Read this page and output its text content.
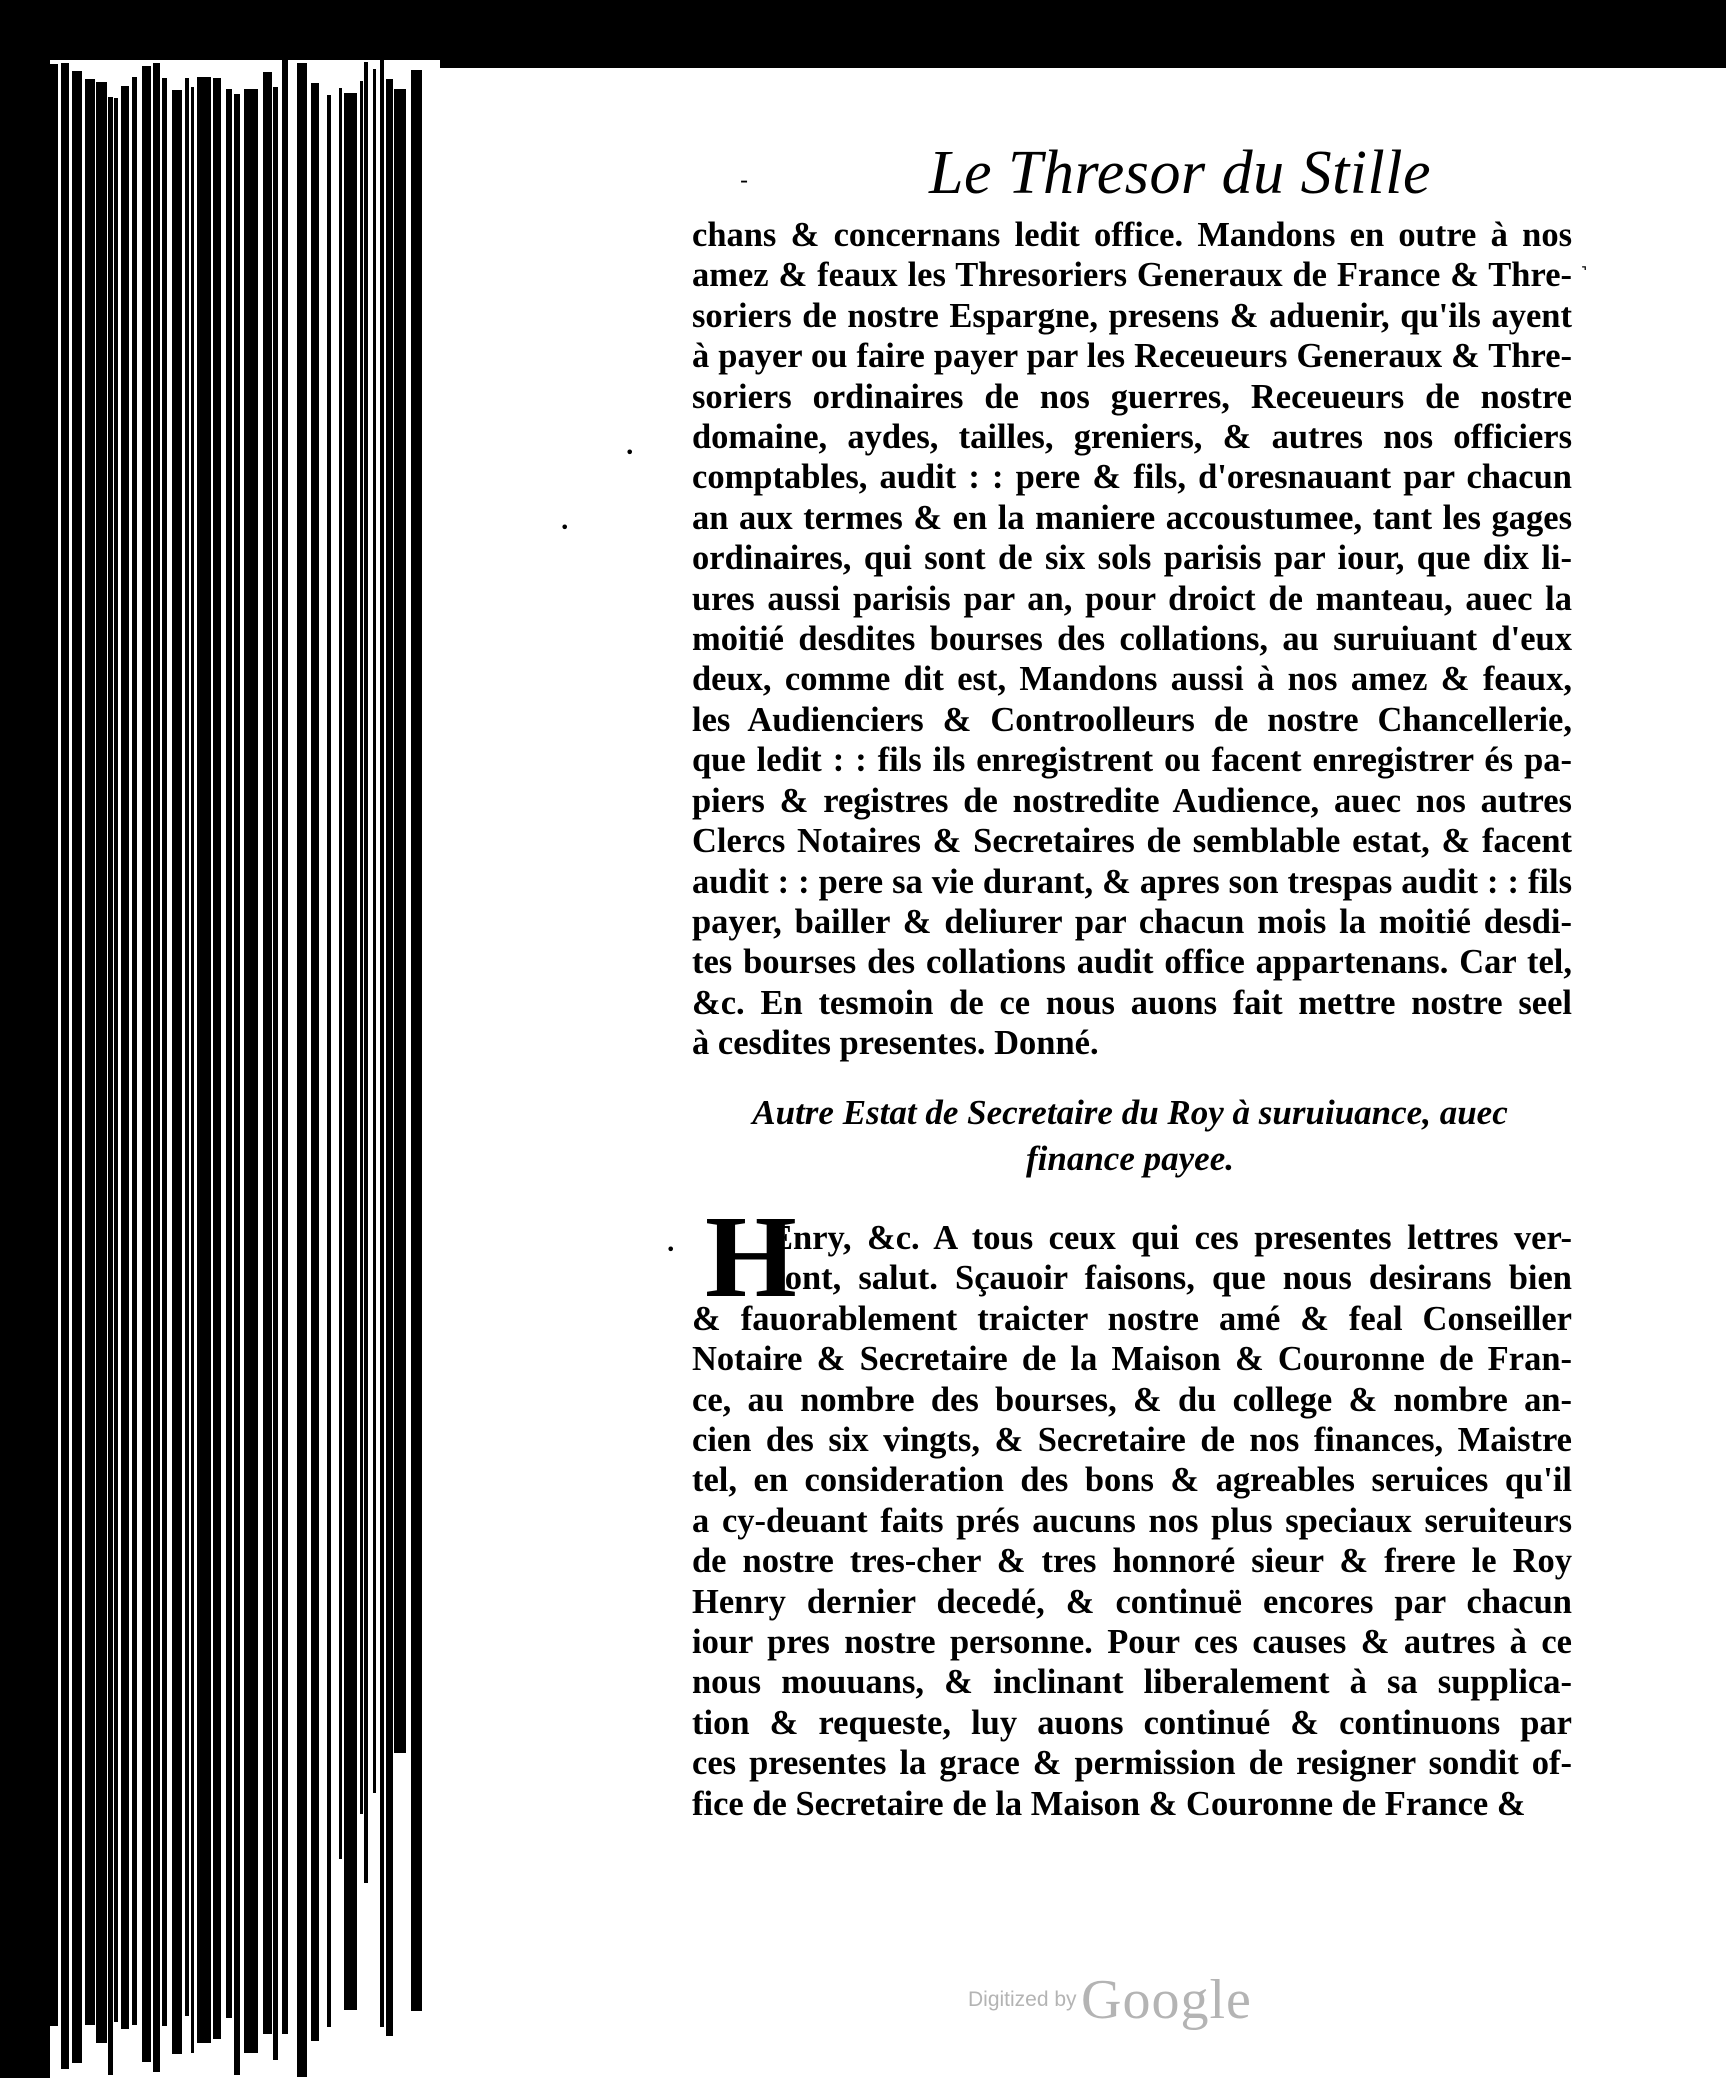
-
˺
•
•
•
Le Thresor du Stille
chans & concernans ledit office. Mandons en outre à nos
amez & feaux les Thresoriers Generaux de France & Thre-
soriers de nostre Espargne, presens & aduenir, qu'ils ayent
à payer ou faire payer par les Receueurs Generaux & Thre-
soriers ordinaires de nos guerres, Receueurs de nostre
domaine, aydes, tailles, greniers, & autres nos officiers
comptables, audit : : pere & fils, d'oresnauant par chacun
an aux termes & en la maniere accoustumee, tant les gages
ordinaires, qui sont de six sols parisis par iour, que dix li-
ures aussi parisis par an, pour droict de manteau, auec la
moitié desdites bourses des collations, au suruiuant d'eux
deux, comme dit est, Mandons aussi à nos amez & feaux,
les Audienciers & Controolleurs de nostre Chancellerie,
que ledit : : fils ils enregistrent ou facent enregistrer és pa-
piers & registres de nostredite Audience, auec nos autres
Clercs Notaires & Secretaires de semblable estat, & facent
audit : : pere sa vie durant, & apres son trespas audit : : fils
payer, bailler & deliurer par chacun mois la moitié desdi-
tes bourses des collations audit office appartenans. Car tel,
&c. En tesmoin de ce nous auons fait mettre nostre seel
à cesdites presentes. Donné.
Autre Estat de Secretaire du Roy à suruiuance, auec
finance payee.
H
Enry, &c. A tous ceux qui ces presentes lettres ver-
ront, salut. Sçauoir faisons, que nous desirans bien
& fauorablement traicter nostre amé & feal Conseiller
Notaire & Secretaire de la Maison & Couronne de Fran-
ce, au nombre des bourses, & du college & nombre an-
cien des six vingts, & Secretaire de nos finances, Maistre
tel, en consideration des bons & agreables seruices qu'il
a cy-deuant faits prés aucuns nos plus speciaux seruiteurs
de nostre tres-cher & tres honnoré sieur & frere le Roy
Henry dernier decedé, & continuë encores par chacun
iour pres nostre personne. Pour ces causes & autres à ce
nous mouuans, & inclinant liberalement à sa supplica-
tion & requeste, luy auons continué & continuons par
ces presentes la grace & permission de resigner sondit of-
fice de Secretaire de la Maison & Couronne de France &
Digitized by Google
